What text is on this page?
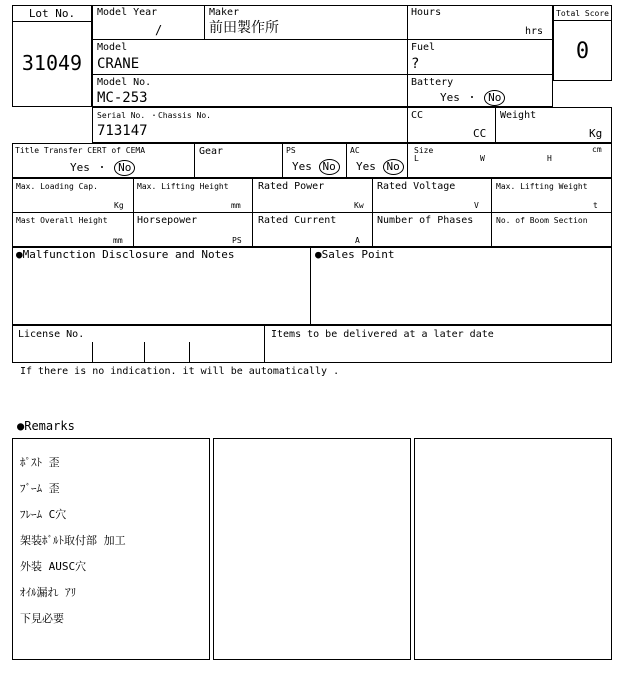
Lot No.
31049
Model Year
/
Maker
前田製作所
Hours
hrs
Model
CRANE
Fuel
?
Model No.
MC-253
Battery
Yes ・ No
Total Score
0
Serial No. ・Chassis No.
713147
CC
CC
Weight
Kg
Title Transfer CERT of CEMA
Yes ・ No
Gear	PS
Yes No
AC
Yes No
Size
L	W	H
cm
Max. Loading Cap.
Kg
Max. Lifting Height
mm
Rated Power
Kw
Rated Voltage
V
Max. Lifting Weight
t
Mast Overall Height
mm
Horsepower
PS
Rated Current
A
Number of Phases	No. of Boom Section
●Malfunction Disclosure and Notes	●Sales Point
License No.	Items to be delivered at a later date
If there is no indication. it will be automatically .
●Remarks

ﾎﾟｽﾄ 歪

ﾌﾞｰﾑ 歪

ﾌﾚｰﾑ C穴

架装ﾎﾞﾙﾄ取付部 加工

外装 AUSC穴

ｵｲﾙ漏れ ｱﾘ

下見必要
